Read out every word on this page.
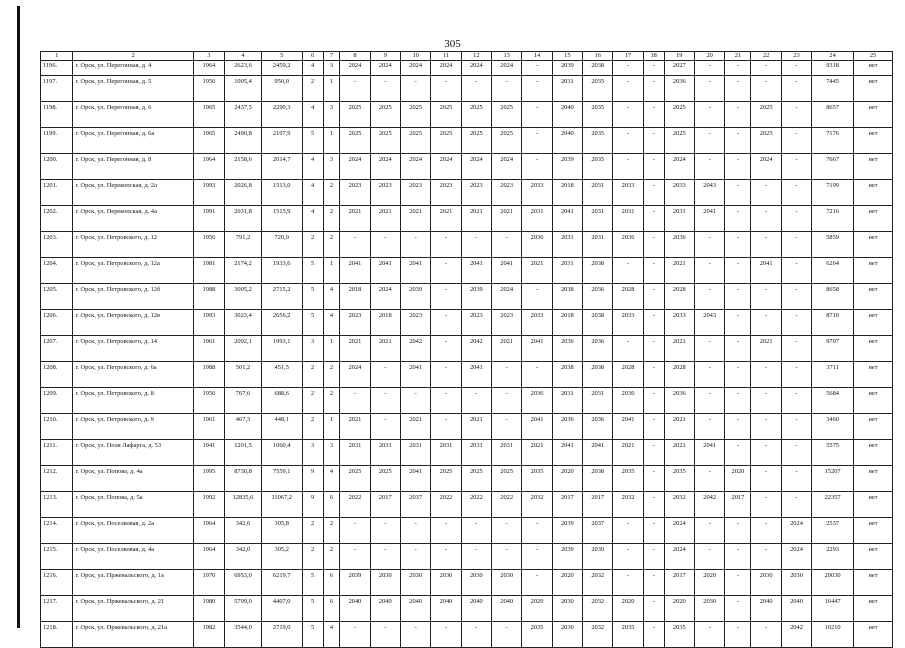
305
1	2	3	4	5	6	7	8	9	10	11	12	13	14	15	16	17	18	19	20	21	22	23	24	25
1196.	г. Орск, ул. Перегонная, д. 4	1964	2623,6	2459,2	4	3	2024	2024	2024	2024	2024	2024	-	2039	2038	-	-	2027	-	-	-	-	9318	нет
1197.	г. Орск, ул. Перегонная, д. 5	1956	1005,4	950,0	2	1	-	-	-	-	-	-	-	2031	2035	-	-	2036	-	-	-	-	7445	нет
1198.	г. Орск, ул. Перегонная, д. 6	1965	2437,5	2290,3	4	3	2025	2025	2025	2025	2025	2025	-	2040	2035	-	-	2025	-	-	2025	-	8657	нет
1199.	г. Орск, ул. Перегонная, д. 6а	1965	2490,8	2107,9	5	1	2025	2025	2025	2025	2025	2025	-	2040	2035	-	-	2025	-	-	2025	-	7176	нет
1200.	г. Орск, ул. Перегонная, д. 8	1964	2158,6	2014,7	4	3	2024	2024	2024	2024	2024	2024	-	2039	2035	-	-	2024	-	-	2024	-	7667	нет
1201.	г. Орск, ул. Перекопская, д. 2а	1993	2026,8	1513,0	4	2	2023	2023	2023	2023	2023	2023	2033	2018	2031	2033	-	2033	2043	-	-	-	7199	нет
1202.	г. Орск, ул. Перекопская, д. 4а	1991	2031,8	1515,9	4	2	2021	2021	2021	2021	2021	2021	2031	2041	2031	2031	-	2031	2041	-	-	-	7216	нет
1203.	г. Орск, ул. Петровского, д. 12	1956	791,2	720,0	2	2	-	-	-	-	-	-	2036	2031	2031	2036	-	2036	-	-	-	-	5859	нет
1204.	г. Орск, ул. Петровского, д. 12а	1981	2174,2	1933,6	5	1	2041	2041	2041	-	2041	2041	2021	2031	2038	-	-	2021	-	-	2041	-	6264	нет
1205.	г. Орск, ул. Петровского, д. 12б	1988	3005,2	2715,2	5	4	2018	2024	2039	-	2039	2024	-	2038	2036	2028	-	2028	-	-	-	-	8658	нет
1206.	г. Орск, ул. Петровского, д. 12в	1993	3023,4	2656,2	5	4	2023	2018	2023	-	2023	2023	2033	2018	2038	2033	-	2033	2043	-	-	-	8710	нет
1207.	г. Орск, ул. Петровского, д. 14	1961	2092,1	1993,1	3	1	2021	2021	2042	-	2042	2021	2041	2036	2036	-	-	2021	-	-	2021	-	9707	нет
1208.	г. Орск, ул. Петровского, д. 6а	1988	501,2	451,5	2	2	2024	-	2041	-	2041	-	-	2038	2038	2028	-	2028	-	-	-	-	3711	нет
1209.	г. Орск, ул. Петровского, д. 8	1956	767,6	688,6	2	2	-	-	-	-	-	-	2036	2031	2031	2036	-	2036	-	-	-	-	5684	нет
1210.	г. Орск, ул. Петровского, д. 9	1961	467,3	448,1	2	1	2021	-	2021	-	2021	-	2041	2036	2036	2041	-	2021	-	-	-	-	3460	нет
1211.	г. Орск, ул. Поля Лафарга, д. 53	1941	1201,5	1060,4	3	3	2031	2031	2031	2031	2031	2031	2021	2041	2041	2021	-	2021	2041	-	-	-	5575	нет
1212.	г. Орск, ул. Попова, д. 4а	1995	8730,8	7559,1	9	4	2025	2025	2041	2025	2025	2025	2035	2020	2038	2035	-	2035	-	2020	-	-	15207	нет
1213.	г. Орск, ул. Попова, д. 5а	1992	12835,6	11067,2	9	6	2022	2017	2037	2022	2022	2022	2032	2017	2017	2032	-	2032	2042	2017	-	-	22357	нет
1214.	г. Орск, ул. Поселковая, д. 2а	1964	342,6	305,8	2	2	-	-	-	-	-	-	-	2039	2037	-	-	2024	-	-	-	2024	2537	нет
1215.	г. Орск, ул. Поселковая, д. 4а	1964	342,0	305,2	2	2	-	-	-	-	-	-	-	2039	2039	-	-	2024	-	-	-	2024	2293	нет
1216.	г. Орск, ул. Пржевальского, д. 1а	1970	6953,0	6219,7	5	6	2039	2030	2030	2030	2030	2030	-	2020	2032	-	-	2017	2020	-	2030	2030	20030	нет
1217.	г. Орск, ул. Пржевальского, д. 21	1980	5709,0	4407,0	5	6	2040	2040	2040	2040	2040	2040	2020	2030	2032	2020	-	2020	2030	-	2040	2040	16447	нет
1218.	г. Орск, ул. Пржевальского, д. 21а	1982	3544,0	2719,0	5	4	-	-	-	-	-	-	2035	2030	2032	2035	-	2035	-	-	-	2042	10210	нет
